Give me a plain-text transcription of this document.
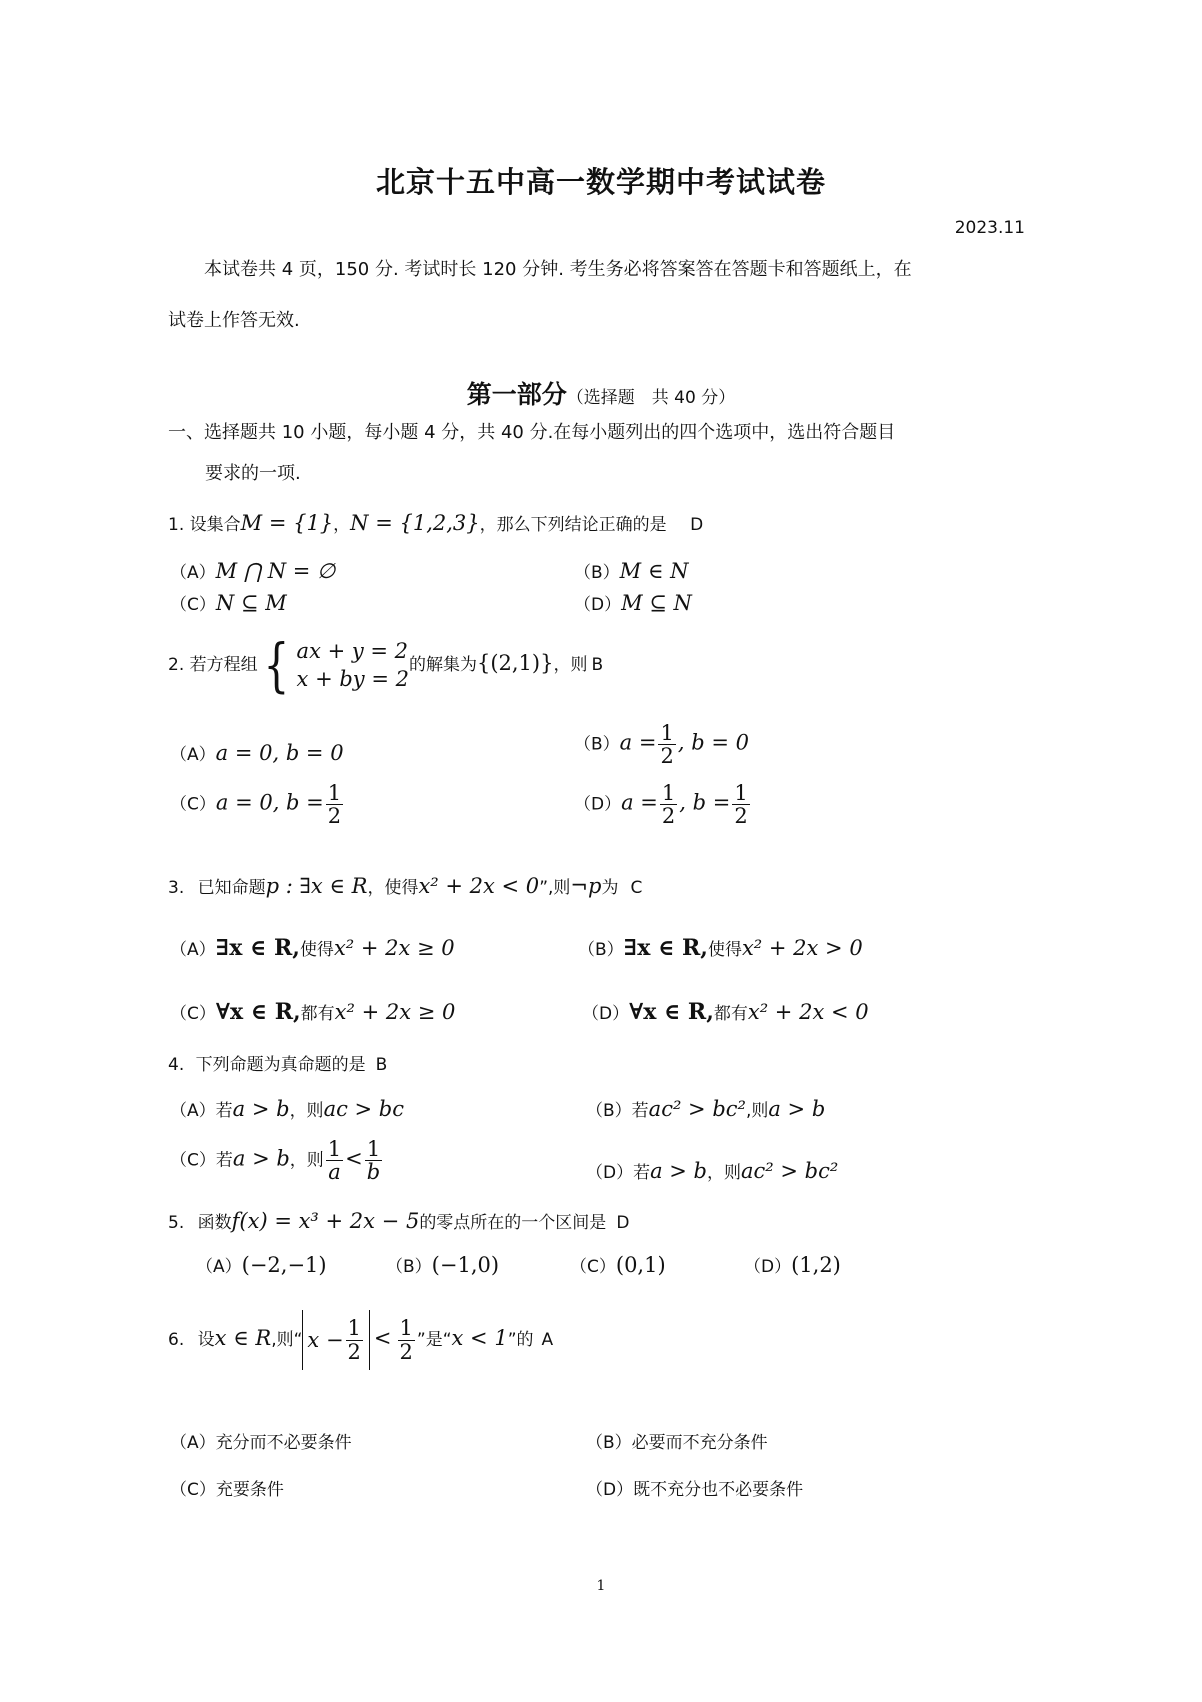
北京十五中高一数学期中考试试卷
2023.11
本试卷共 4 页，150 分. 考试时长 120 分钟. 考生务必将答案答在答题卡和答题纸上，在
试卷上作答无效.
第一部分（选择题　共 40 分）
一、选择题共 10 小题，每小题 4 分，共 40 分.在每小题列出的四个选项中，选出符合题目
要求的一项.
1. 设集合M = {1}，N = {1,2,3}，那么下列结论正确的是 D
（A）M ⋂ N = ∅	（B）M ∈ N
（C）N ⊆ M	（D）M ⊆ N
2. 若方程组 { ax + y = 2
x + by = 2
的解集为{(2,1)}，则 B
（A）a = 0, b = 0	$(B)a = \frac{1}{2}$ , b = 0
（C）a = 0, $b = \frac{1}{2}$	$(D)a = \frac{1}{2}$ , $b = \frac{1}{2}$
3. 已知命题p : ∃x ∈ R，使得x² + 2x < 0”,则¬p为 C
（A）∃x ∈ R,使得x² + 2x ≥ 0	（B）∃x ∈ R,使得x² + 2x > 0
（C）∀x ∈ R,都有x² + 2x ≥ 0	（D）∀x ∈ R,都有x² + 2x < 0
4. 下列命题为真命题的是 B
（A）若a > b，则ac > bc	（B）若ac² > bc²,则a > b
（C）若a > b，则 $\frac{1}{a} < \frac{1}{b}$	（D）若a > b，则ac² > bc²
5. 函数f(x) = x³ + 2x − 5的零点所在的一个区间是 D
（A）(−2,−1)	（B）(−1,0)	（C）(0,1)	（D）(1,2)
6. 设x ∈ R,则“ $x - \frac{1}{2} < \frac{1}{2}$ ”是“x < 1”的 A
（A）充分而不必要条件	（B）必要而不充分条件
（C）充要条件	（D）既不充分也不必要条件
1
